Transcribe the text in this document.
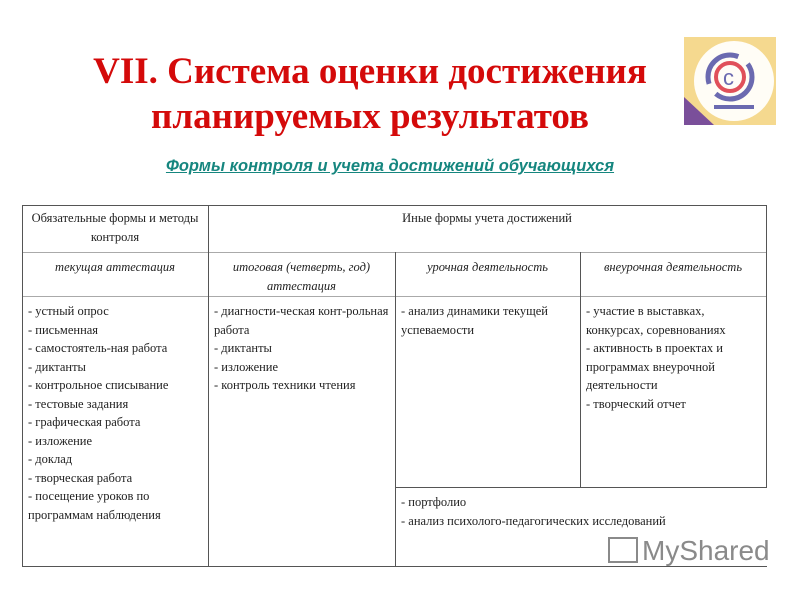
c
VII. Система оценки достижения
планируемых результатов
Формы контроля и учета достижений обучающихся
Обязательные формы и методы контроля
Иные формы учета достижений
текущая аттестация	итоговая (четверть, год) аттестация
урочная деятельность	внеурочная деятельность
- устный опрос
- письменная
- самостоятель-ная работа
- диктанты
- контрольное списывание
- тестовые задания
- графическая работа
- изложение
- доклад
- творческая работа
- посещение уроков по программам наблюдения
- диагности-ческая конт-рольная работа
- диктанты
- изложение
- контроль техники чтения
- анализ динамики текущей успеваемости
- участие в выставках, конкурсах, соревнованиях
- активность в проектах и программах внеурочной деятельности
- творческий отчет
- портфолио
- анализ психолого-педагогических исследований
MyShared
